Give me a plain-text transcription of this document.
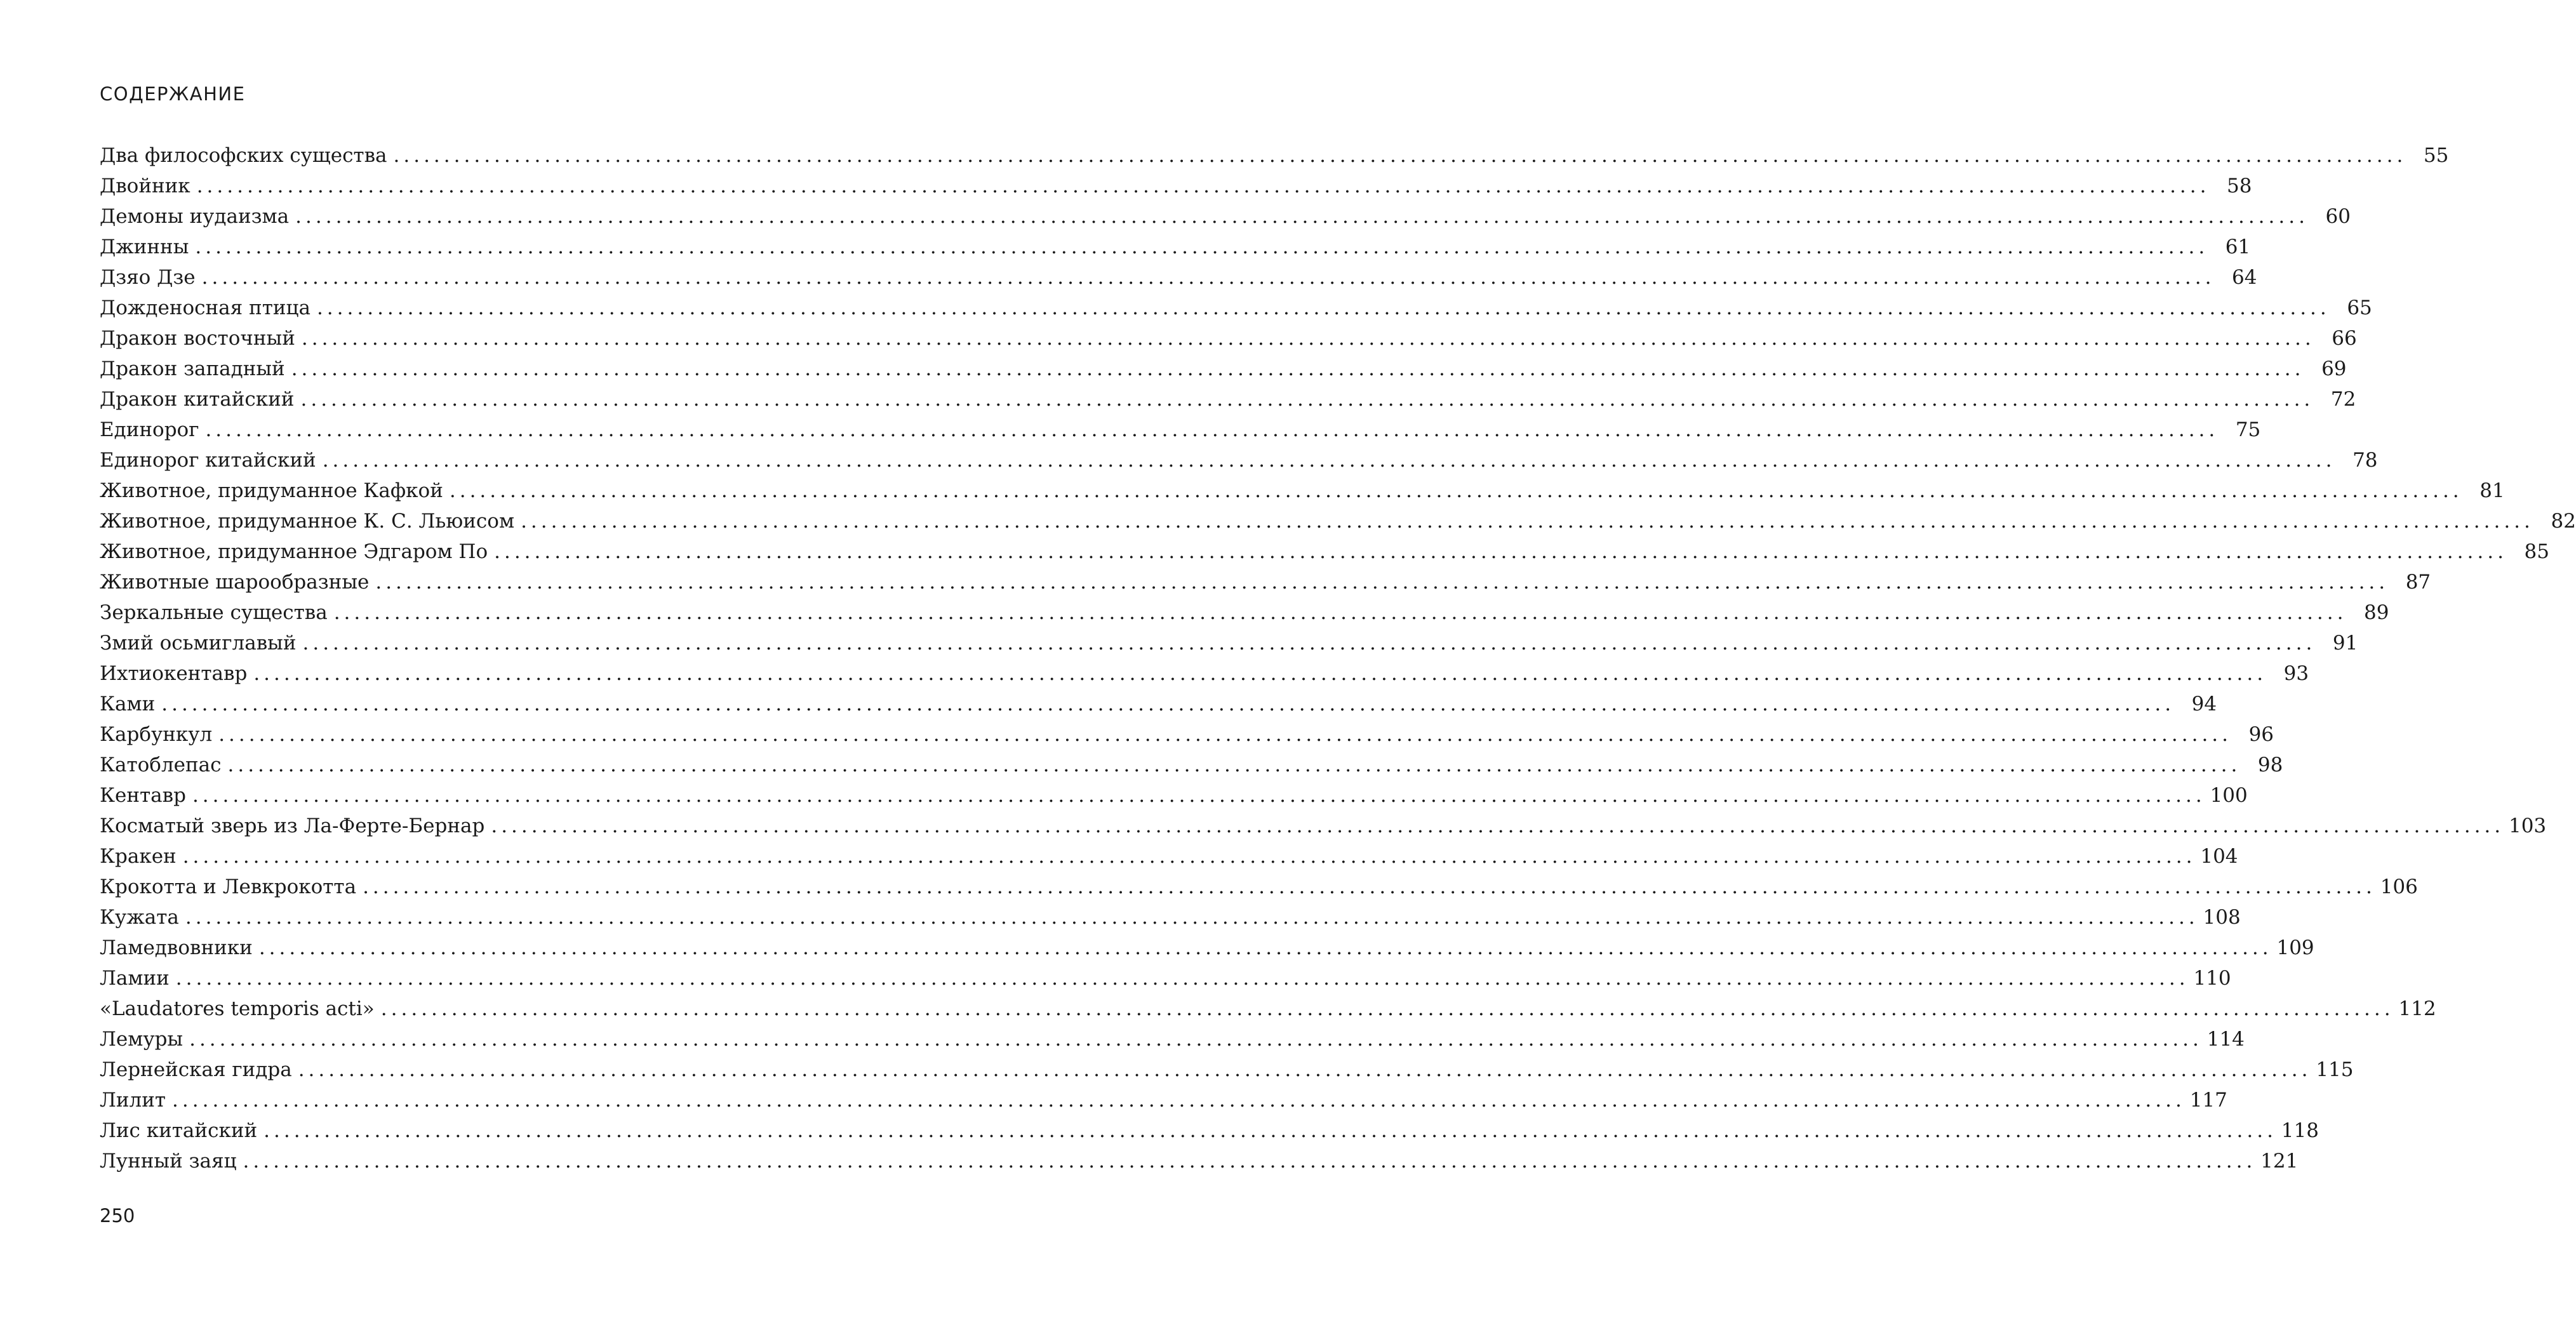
СОДЕРЖАНИЕ
Два философских существа ........................................................................................................................................................................................................ 55
Двойник ........................................................................................................................................................................................................ 58
Демоны иудаизма ........................................................................................................................................................................................................ 60
Джинны ........................................................................................................................................................................................................ 61
Дзяо Дзе ........................................................................................................................................................................................................ 64
Дожденосная птица ........................................................................................................................................................................................................ 65
Дракон восточный ........................................................................................................................................................................................................ 66
Дракон западный ........................................................................................................................................................................................................ 69
Дракон китайский ........................................................................................................................................................................................................ 72
Единорог ........................................................................................................................................................................................................ 75
Единорог китайский ........................................................................................................................................................................................................ 78
Животное, придуманное Кафкой ........................................................................................................................................................................................................ 81
Животное, придуманное К. С. Льюисом ........................................................................................................................................................................................................ 82
Животное, придуманное Эдгаром По ........................................................................................................................................................................................................ 85
Животные шарообразные ........................................................................................................................................................................................................ 87
Зеркальные существа ........................................................................................................................................................................................................ 89
Змий осьмиглавый ........................................................................................................................................................................................................ 91
Ихтиокентавр ........................................................................................................................................................................................................ 93
Ками ........................................................................................................................................................................................................ 94
Карбункул ........................................................................................................................................................................................................ 96
Катоблепас ........................................................................................................................................................................................................ 98
Кентавр ........................................................................................................................................................................................................ 100
Косматый зверь из Ла-Ферте-Бернар ........................................................................................................................................................................................................ 103
Кракен ........................................................................................................................................................................................................ 104
Крокотта и Левкрокотта ........................................................................................................................................................................................................ 106
Кужата ........................................................................................................................................................................................................ 108
Ламедвовники ........................................................................................................................................................................................................ 109
Ламии ........................................................................................................................................................................................................ 110
«Laudatores temporis acti» ........................................................................................................................................................................................................ 112
Лемуры ........................................................................................................................................................................................................ 114
Лернейская гидра ........................................................................................................................................................................................................ 115
Лилит ........................................................................................................................................................................................................ 117
Лис китайский ........................................................................................................................................................................................................ 118
Лунный заяц ........................................................................................................................................................................................................ 121
250
